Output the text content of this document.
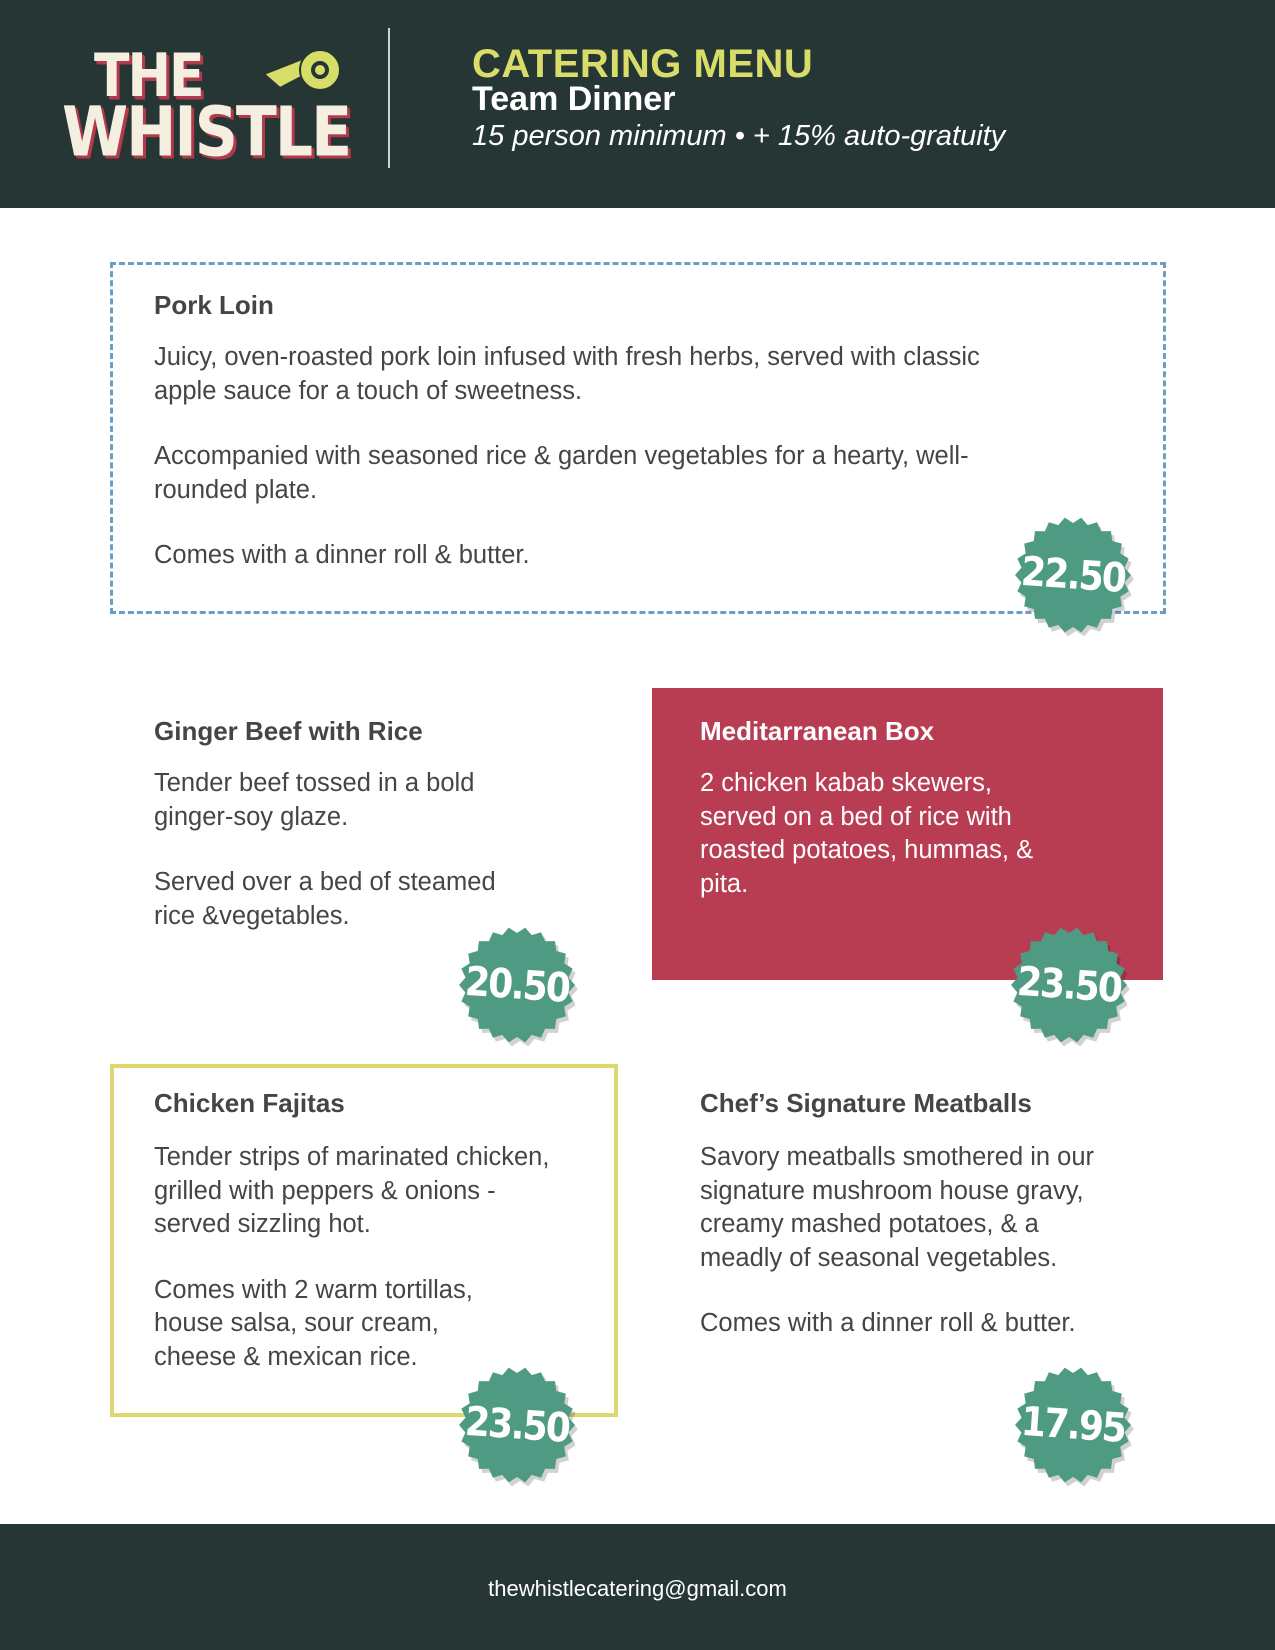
THE
WHISTLE
CATERING MENU
Team Dinner
15 person minimum • + 15% auto-gratuity
Pork Loin
Juicy, oven-roasted pork loin infused with fresh herbs, served with classic
apple sauce for a touch of sweetness.
Accompanied with seasoned rice & garden vegetables for a hearty, well-
rounded plate.
Comes with a dinner roll & butter.
Ginger Beef with Rice
Tender beef tossed in a bold
ginger-soy glaze.
Served over a bed of steamed
rice &vegetables.
Meditarranean Box
2 chicken kabab skewers,
served on a bed of rice with
roasted potatoes, hummas, &
pita.
Chicken Fajitas
Tender strips of marinated chicken,
grilled with peppers & onions -
served sizzling hot.
Comes with 2 warm tortillas,
house salsa, sour cream,
cheese & mexican rice.
Chef’s Signature Meatballs
Savory meatballs smothered in our
signature mushroom house gravy,
creamy mashed potatoes, & a
meadly of seasonal vegetables.
Comes with a dinner roll & butter.
22.50
20.50	23.50
23.50	17.95
thewhistlecatering@gmail.com
